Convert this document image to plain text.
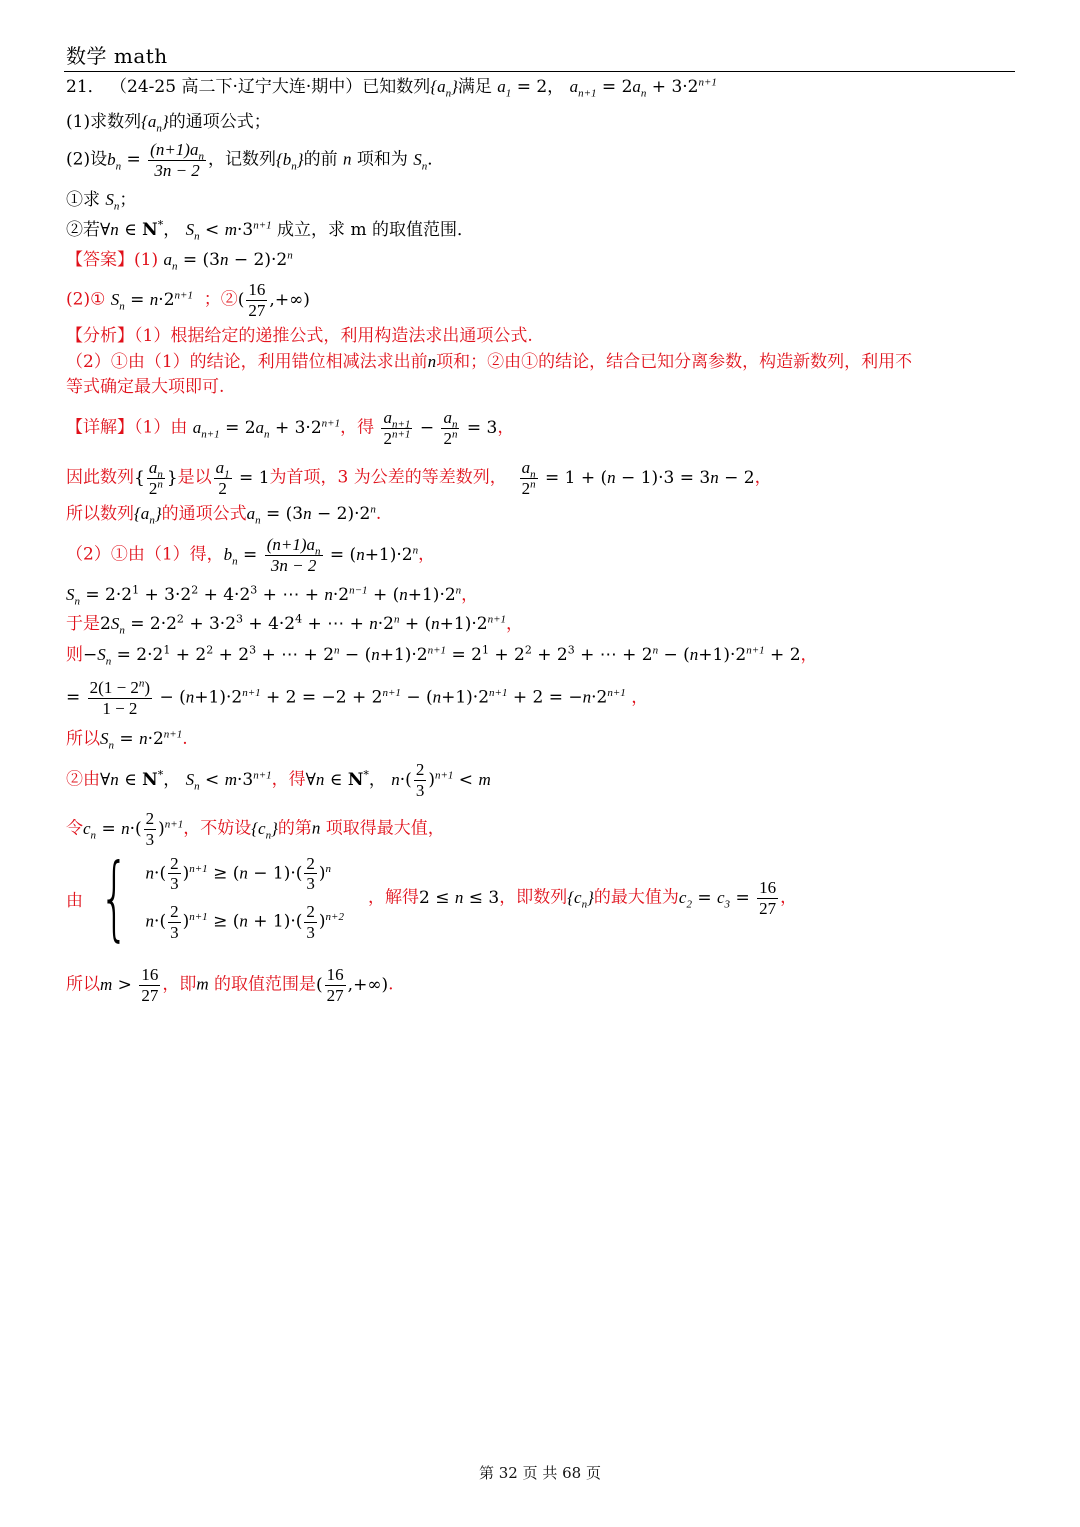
数学 math
21． （24-25 高二下·辽宁大连·期中）已知数列$\{a_n\}$满足 $a_1 = 2$， $a_{n+1} = 2a_n + 3\cdot 2^{n+1}$
(1)求数列$\{a_n\}$的通项公式；
(2)设$b_n = \frac{(n+1)a_n}{3n - 2}$ ，记数列$\{b_n\}$的前 n 项和为 $S_n$．
①求 $S_n$；
②若∀n ∈ N*， $S_n < m\cdot 3^{n+1}$ 成立，求 m 的取值范围．
【答案】(1) $a_n = (3n - 2)\cdot 2^n$
(2)① $S_n = n\cdot 2^{n+1}$ ；②( $\frac{16}{27}$ ,+∞)
【分析】（1）根据给定的递推公式，利用构造法求出通项公式.
（2）①由（1）的结论，利用错位相减法求出前n项和；②由①的结论，结合已知分离参数，构造新数列，利用不
等式确定最大项即可.
【详解】（1）由 $a_{n+1} = 2a_n + 3\cdot 2^{n+1}$，得 $\frac{a_{n+1}}{2^{n+1}} - \frac{a_n}{2^n} = 3$，
因此数列{ $\frac{a_n}{2^n}$ }是以 $\frac{a_1}{2} = 1$为首项，3 为公差的等差数列， $\frac{a_n}{2^n} = 1 + (n - 1)\cdot 3 = 3n - 2$，
所以数列$\{a_n\}$的通项公式$a_n = (3n - 2)\cdot 2^n$.
（2）①由（1）得，$b_n = \frac{(n+1)a_n}{3n - 2} = (n+1)\cdot 2^n$，
$S_n = 2\cdot 2^1 + 3\cdot 2^2 + 4\cdot 2^3$ + ⋯ + $n\cdot 2^{n-1} + (n+1)\cdot 2^n$，
于是$2S_n = 2\cdot 2^2 + 3\cdot 2^3 + 4\cdot 2^4$ + ⋯ + $n\cdot 2^n + (n+1)\cdot 2^{n+1}$，
则$-S_n = 2\cdot 2^1 + 2^2 + 2^3$ + ⋯ + $2^n - (n+1)\cdot 2^{n+1} = 2^1 + 2^2 + 2^3$ + ⋯ + $2^n - (n+1)\cdot 2^{n+1} + 2$，
= $\frac{2(1 - 2^n)}{1 - 2} - (n+1)\cdot 2^{n+1} + 2 = -2 + 2^{n+1} - (n+1)\cdot 2^{n+1} + 2 = -n\cdot 2^{n+1}$ ，
所以$S_n = n\cdot 2^{n+1}$.
②由∀n ∈ N*， $S_n < m\cdot 3^{n+1}$，得∀n ∈ N*， $n\cdot( \frac{2}{3} )^{n+1} < m$
令$c_n = n\cdot( \frac{2}{3} )^{n+1}$，不妨设$\{c_n\}$的第n 项取得最大值，
由 { $n\cdot( \frac{2}{3} )^{n+1} \ge (n - 1)\cdot( \frac{2}{3} )^n$
$n\cdot( \frac{2}{3} )^{n+1} \ge (n + 1)\cdot( \frac{2}{3} )^{n+2}$
，解得2 ≤ n ≤ 3，即数列$\{c_n\}$的最大值为$c_2 = c_3 = \frac{16}{27}$ ，
所以$m > \frac{16}{27}$ ，即m 的取值范围是( $\frac{16}{27}$ ,+∞).
第 32 页 共 68 页
